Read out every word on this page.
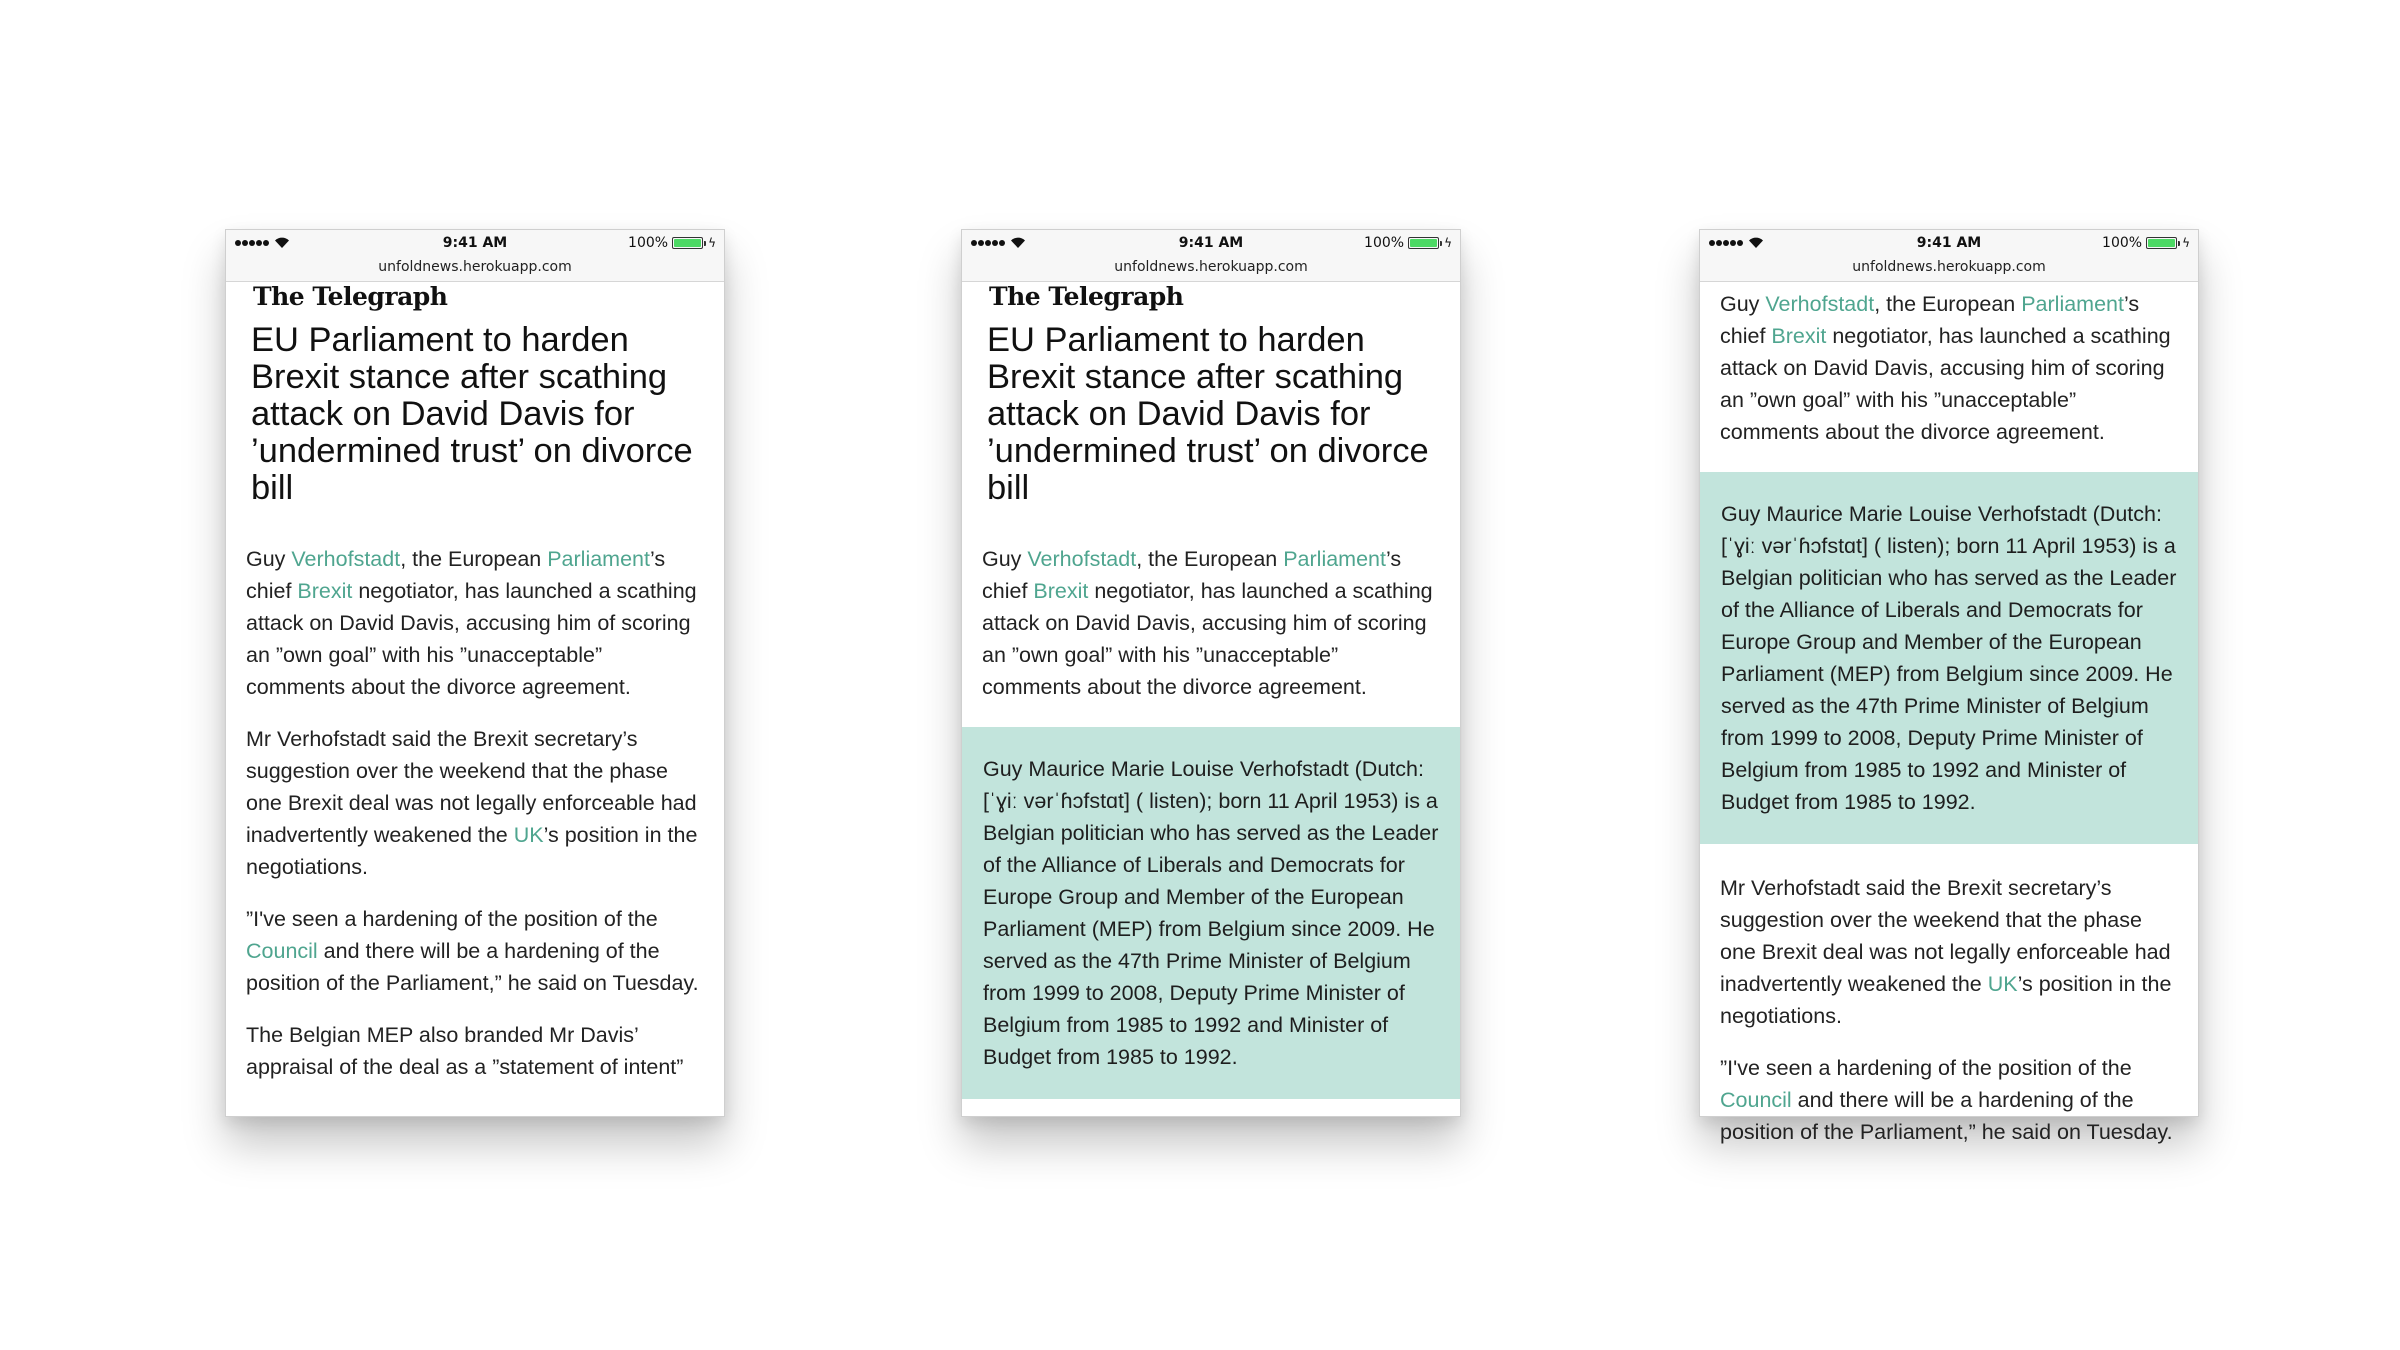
9:41 AM	100%	ϟ
unfoldnews.herokuapp.com
The Telegraph
EU Parliament to harden Brexit stance after scathing attack on David Davis for ’undermined trust’ on divorce bill

Guy Verhofstadt, the European Parliament’s chief Brexit negotiator, has launched a scathing attack on David Davis, accusing him of scoring an ”own goal” with his ”unacceptable” comments about the divorce agreement.

Mr Verhofstadt said the Brexit secretary’s suggestion over the weekend that the phase one Brexit deal was not legally enforceable had inadvertently weakened the UK’s position in the negotiations.

”I've seen a hardening of the position of the Council and there will be a hardening of the position of the Parliament,” he said on Tuesday.

The Belgian MEP also branded Mr Davis’ appraisal of the deal as a ”statement of intent”

9:41 AM	100%	ϟ
unfoldnews.herokuapp.com
The Telegraph
EU Parliament to harden Brexit stance after scathing attack on David Davis for ’undermined trust’ on divorce bill

Guy Verhofstadt, the European Parliament’s chief Brexit negotiator, has launched a scathing attack on David Davis, accusing him of scoring an ”own goal” with his ”unacceptable” comments about the divorce agreement.

Guy Maurice Marie Louise Verhofstadt (Dutch: [ˈɣiː vərˈɦɔfstɑt] ( listen); born 11 April 1953) is a Belgian politician who has served as the Leader of the Alliance of Liberals and Democrats for Europe Group and Member of the European Parliament (MEP) from Belgium since 2009. He served as the 47th Prime Minister of Belgium from 1999 to 2008, Deputy Prime Minister of Belgium from 1985 to 1992 and Minister of Budget from 1985 to 1992.

9:41 AM	100%	ϟ
unfoldnews.herokuapp.com

Guy Verhofstadt, the European Parliament’s chief Brexit negotiator, has launched a scathing attack on David Davis, accusing him of scoring an ”own goal” with his ”unacceptable” comments about the divorce agreement.

Guy Maurice Marie Louise Verhofstadt (Dutch: [ˈɣiː vərˈɦɔfstɑt] ( listen); born 11 April 1953) is a Belgian politician who has served as the Leader of the Alliance of Liberals and Democrats for Europe Group and Member of the European Parliament (MEP) from Belgium since 2009. He served as the 47th Prime Minister of Belgium from 1999 to 2008, Deputy Prime Minister of Belgium from 1985 to 1992 and Minister of Budget from 1985 to 1992.

Mr Verhofstadt said the Brexit secretary’s suggestion over the weekend that the phase one Brexit deal was not legally enforceable had inadvertently weakened the UK’s position in the negotiations.

”I've seen a hardening of the position of the Council and there will be a hardening of the position of the Parliament,” he said on Tuesday.
